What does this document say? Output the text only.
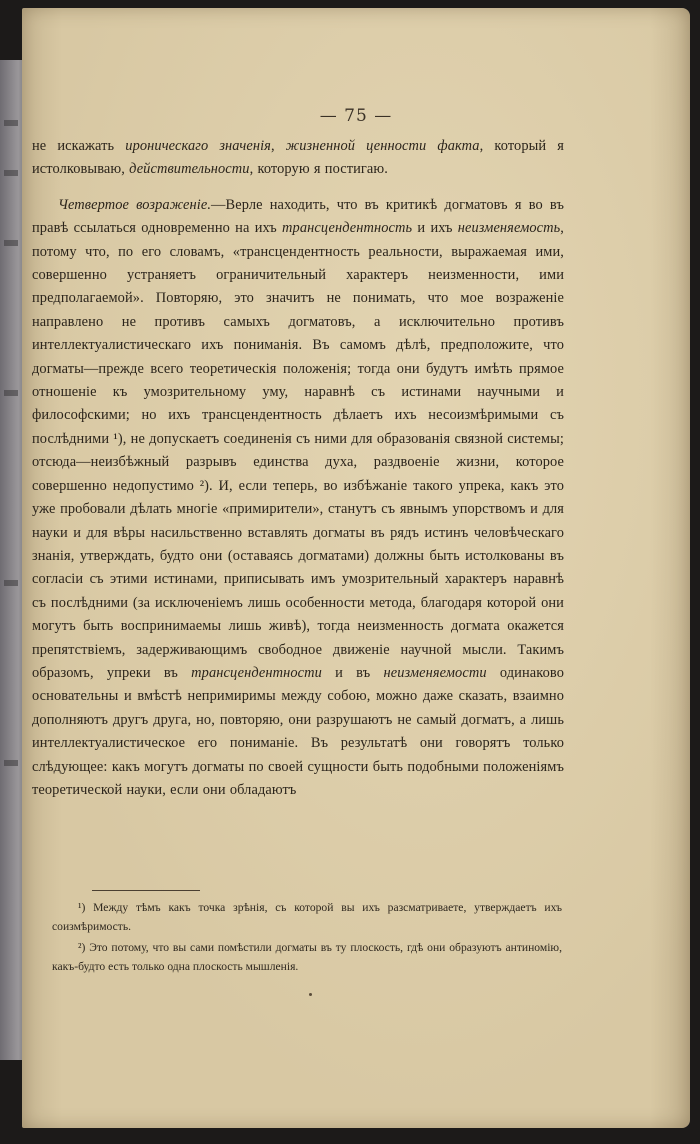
— 75 —

не искажать ироническаго значенія, жизненной ценности факта, который я истолковываю, действительности, которую я постигаю.

Четвертое возраженіе.—Верле находить, что въ критикѣ догматовъ я во въ правѣ ссылаться одновременно на ихъ трансцендентность и ихъ неизменяемость, потому что, по его словамъ, «трансцендентность реальности, выражаемая ими, совершенно устраняетъ ограничительный характеръ неизменности, ими предполагаемой». Повторяю, это значитъ не понимать, что мое возраженіе направлено не противъ самыхъ догматовъ, а исключительно противъ интеллектуалистическаго ихъ пониманія. Въ самомъ дѣлѣ, предположите, что догматы—прежде всего теоретическія положенія; тогда они будутъ имѣть прямое отношеніе къ умозрительному уму, наравнѣ съ истинами научными и философскими; но ихъ трансцендентность дѣлаетъ ихъ несоизмѣримыми съ послѣдними ¹), не допускаетъ соединенія съ ними для образованія связной системы; отсюда—неизбѣжный разрывъ единства духа, раздвоеніе жизни, которое совершенно недопустимо ²). И, если теперь, во избѣжаніе такого упрека, какъ это уже пробовали дѣлать многіе «примирители», станутъ съ явнымъ упорствомъ и для науки и для вѣры насильственно вставлять догматы въ рядъ истинъ человѣческаго знанія, утверждать, будто они (оставаясь догматами) должны быть истолкованы въ согласіи съ этими истинами, приписывать имъ умозрительный характеръ наравнѣ съ послѣдними (за исключеніемъ лишь особенности метода, благодаря которой они могутъ быть воспринимаемы лишь живѣ), тогда неизменность догмата окажется препятствіемъ, задерживающимъ свободное движеніе научной мысли. Такимъ образомъ, упреки въ трансцендентности и въ неизменяемости одинаково основательны и вмѣстѣ непримиримы между собою, можно даже сказать, взаимно дополняютъ другъ друга, но, повторяю, они разрушаютъ не самый догматъ, а лишь интеллектуалистическое его пониманіе. Въ результатѣ они говорятъ только слѣдующее: какъ могутъ догматы по своей сущности быть подобными положеніямъ теоретической науки, если они обладаютъ

¹) Между тѣмъ какъ точка зрѣнія, съ которой вы ихъ разсматриваете, утверждаетъ ихъ соизмѣримость.

²) Это потому, что вы сами помѣстили догматы въ ту плоскость, гдѣ они образуютъ антиномію, какъ-будто есть только одна плоскость мышленія.
